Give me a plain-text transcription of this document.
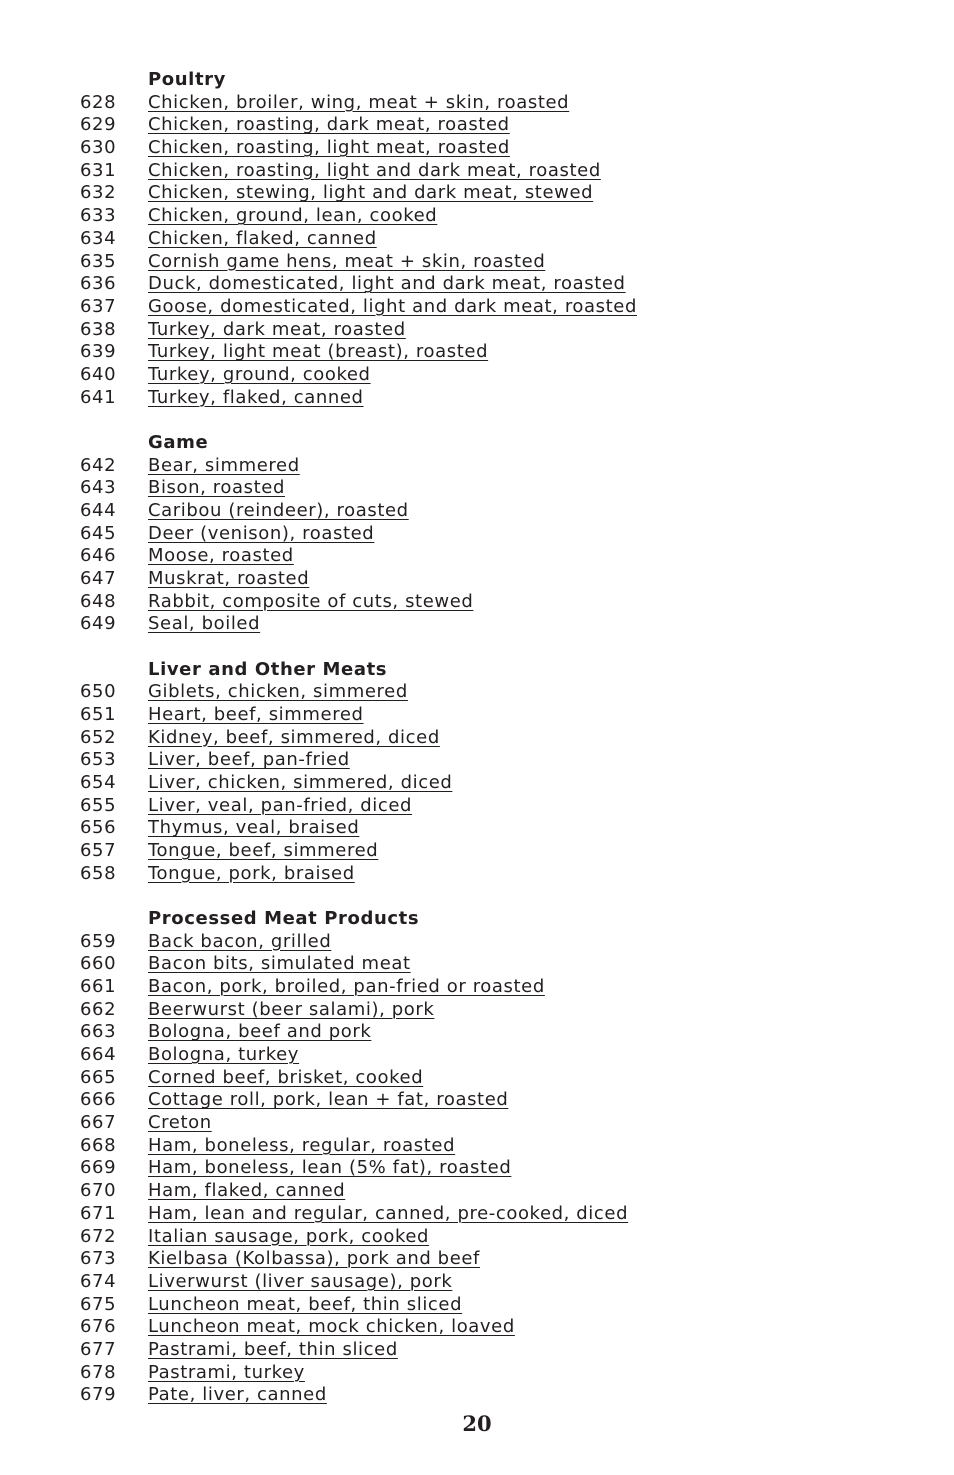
Poultry
628 Chicken, broiler, wing, meat + skin, roasted
629 Chicken, roasting, dark meat, roasted
630 Chicken, roasting, light meat, roasted
631 Chicken, roasting, light and dark meat, roasted
632 Chicken, stewing, light and dark meat, stewed
633 Chicken, ground, lean, cooked
634 Chicken, flaked, canned
635 Cornish game hens, meat + skin, roasted
636 Duck, domesticated, light and dark meat, roasted
637 Goose, domesticated, light and dark meat, roasted
638 Turkey, dark meat, roasted
639 Turkey, light meat (breast), roasted
640 Turkey, ground, cooked
641 Turkey, flaked, canned
Game
642 Bear, simmered
643 Bison, roasted
644 Caribou (reindeer), roasted
645 Deer (venison), roasted
646 Moose, roasted
647 Muskrat, roasted
648 Rabbit, composite of cuts, stewed
649 Seal, boiled
Liver and Other Meats
650 Giblets, chicken, simmered
651 Heart, beef, simmered
652 Kidney, beef, simmered, diced
653 Liver, beef, pan-fried
654 Liver, chicken, simmered, diced
655 Liver, veal, pan-fried, diced
656 Thymus, veal, braised
657 Tongue, beef, simmered
658 Tongue, pork, braised
Processed Meat Products
659 Back bacon, grilled
660 Bacon bits, simulated meat
661 Bacon, pork, broiled, pan-fried or roasted
662 Beerwurst (beer salami), pork
663 Bologna, beef and pork
664 Bologna, turkey
665 Corned beef, brisket, cooked
666 Cottage roll, pork, lean + fat, roasted
667 Creton
668 Ham, boneless, regular, roasted
669 Ham, boneless, lean (5% fat), roasted
670 Ham, flaked, canned
671 Ham, lean and regular, canned, pre-cooked, diced
672 Italian sausage, pork, cooked
673 Kielbasa (Kolbassa), pork and beef
674 Liverwurst (liver sausage), pork
675 Luncheon meat, beef, thin sliced
676 Luncheon meat, mock chicken, loaved
677 Pastrami, beef, thin sliced
678 Pastrami, turkey
679 Pate, liver, canned
20
